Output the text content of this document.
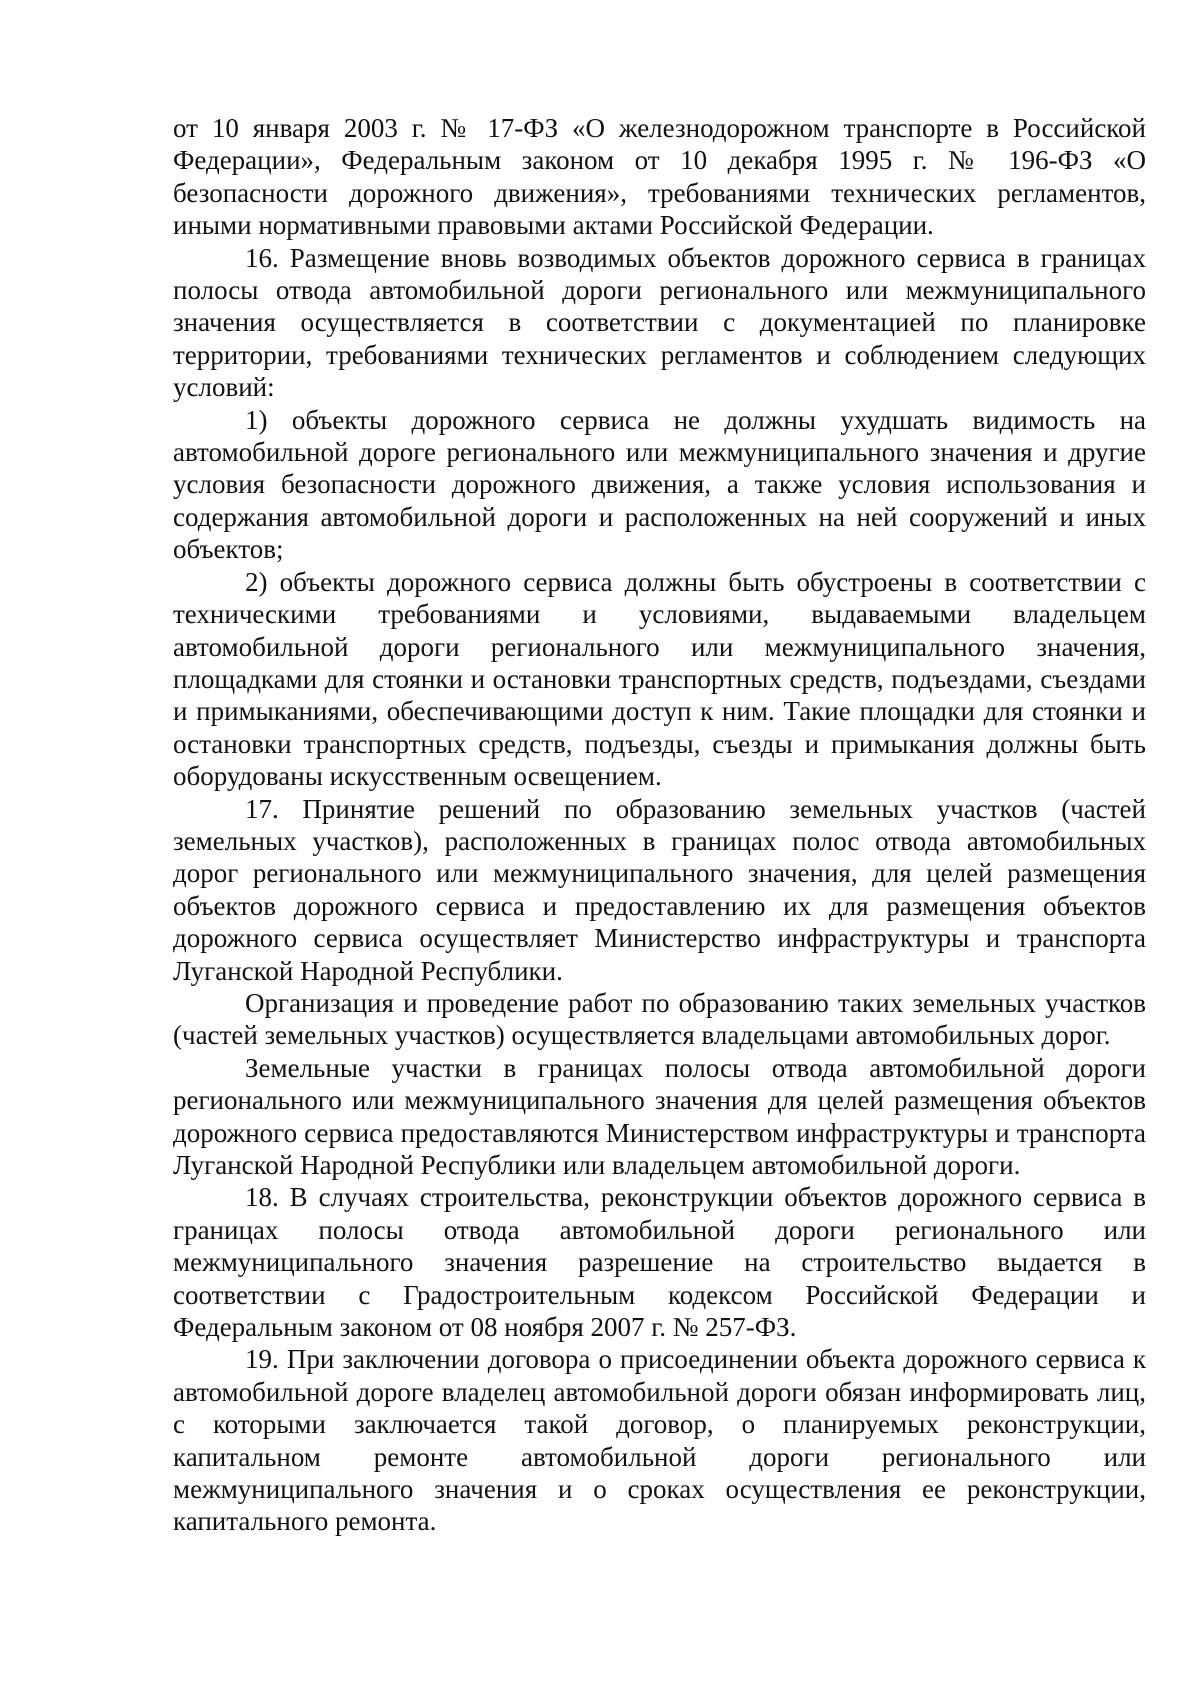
от 10 января 2003 г. № 17-ФЗ «О железнодорожном транспорте в Российской Федерации», Федеральным законом от 10 декабря 1995 г. № 196-ФЗ «О безопасности дорожного движения», требованиями технических регламентов, иными нормативными правовыми актами Российской Федерации.

16. Размещение вновь возводимых объектов дорожного сервиса в границах полосы отвода автомобильной дороги регионального или межмуниципального значения осуществляется в соответствии с документацией по планировке территории, требованиями технических регламентов и соблюдением следующих условий:

1) объекты дорожного сервиса не должны ухудшать видимость на автомобильной дороге регионального или межмуниципального значения и другие условия безопасности дорожного движения, а также условия использования и содержания автомобильной дороги и расположенных на ней сооружений и иных объектов;

2) объекты дорожного сервиса должны быть обустроены в соответствии с техническими требованиями и условиями, выдаваемыми владельцем автомобильной дороги регионального или межмуниципального значения, площадками для стоянки и остановки транспортных средств, подъездами, съездами и примыканиями, обеспечивающими доступ к ним. Такие площадки для стоянки и остановки транспортных средств, подъезды, съезды и примыкания должны быть оборудованы искусственным освещением.

17. Принятие решений по образованию земельных участков (частей земельных участков), расположенных в границах полос отвода автомобильных дорог регионального или межмуниципального значения, для целей размещения объектов дорожного сервиса и предоставлению их для размещения объектов дорожного сервиса осуществляет Министерство инфраструктуры и транспорта Луганской Народной Республики.

Организация и проведение работ по образованию таких земельных участков (частей земельных участков) осуществляется владельцами автомобильных дорог.

Земельные участки в границах полосы отвода автомобильной дороги регионального или межмуниципального значения для целей размещения объектов дорожного сервиса предоставляются Министерством инфраструктуры и транспорта Луганской Народной Республики или владельцем автомобильной дороги.

18. В случаях строительства, реконструкции объектов дорожного сервиса в границах полосы отвода автомобильной дороги регионального или межмуниципального значения разрешение на строительство выдается в соответствии с Градостроительным кодексом Российской Федерации и Федеральным законом от 08 ноября 2007 г. № 257-ФЗ.

19. При заключении договора о присоединении объекта дорожного сервиса к автомобильной дороге владелец автомобильной дороги обязан информировать лиц, с которыми заключается такой договор, о планируемых реконструкции, капитальном ремонте автомобильной дороги регионального или межмуниципального значения и о сроках осуществления ее реконструкции, капитального ремонта.
